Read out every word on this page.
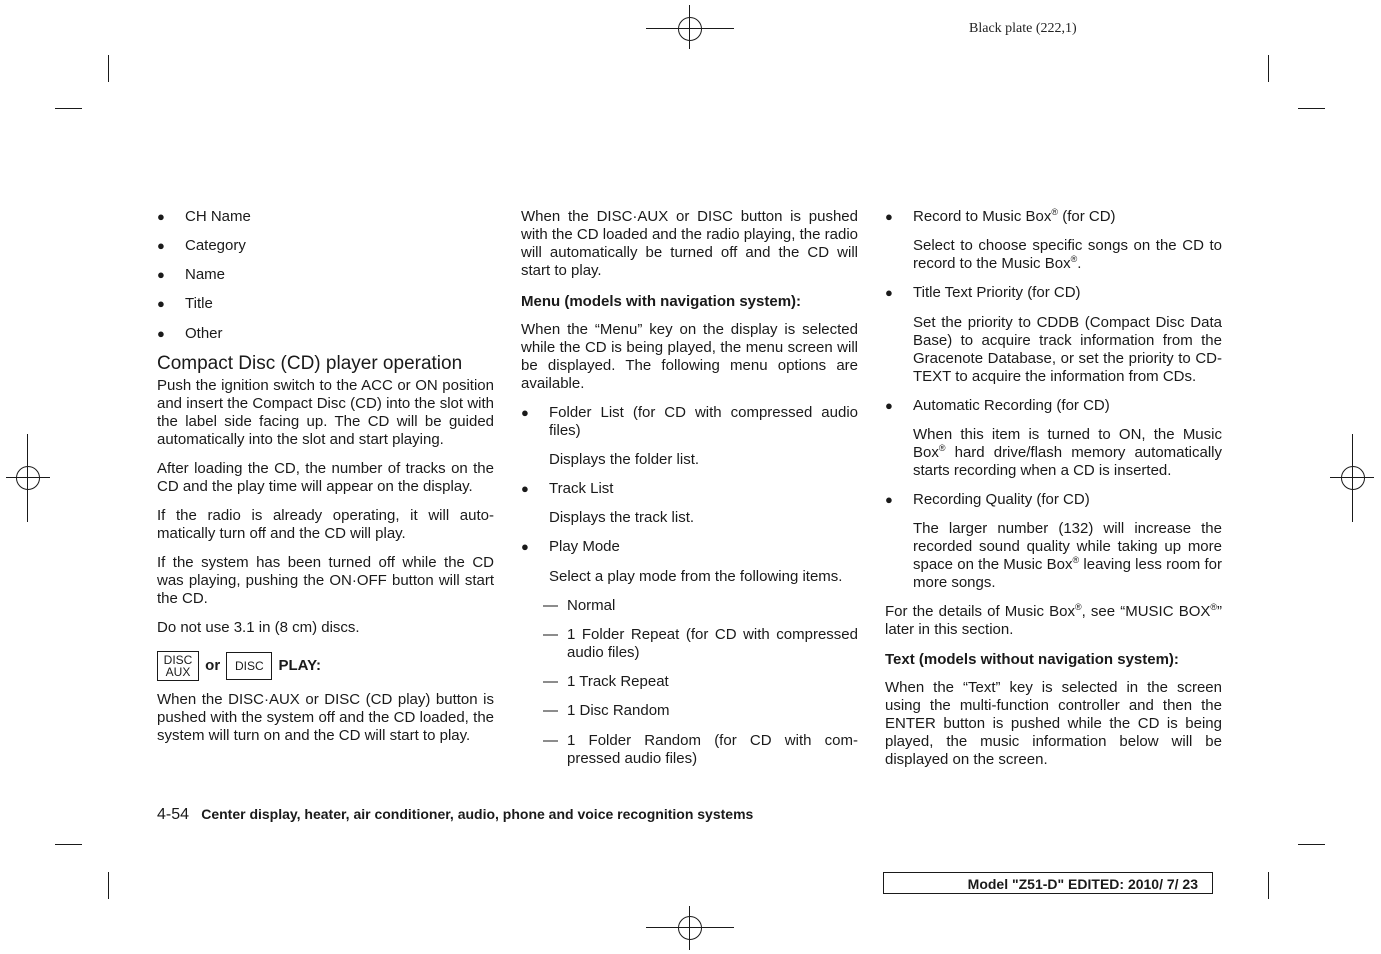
Black plate (222,1)
● CH Name
● Category
● Name
● Title
● Other
Compact Disc (CD) player operation

Push the ignition switch to the ACC or ON position and insert the Compact Disc (CD) into the slot with the label side facing up. The CD will be guided automatically into the slot and start playing.

After loading the CD, the number of tracks on the CD and the play time will appear on the display.

If the radio is already operating, it will auto- matically turn off and the CD will play.

If the system has been turned off while the CD was playing, pushing the ON·OFF button will start the CD.

Do not use 3.1 in (8 cm) discs.

DISC
AUX or DISC PLAY:

When the DISC·AUX or DISC (CD play) button is pushed with the system off and the CD loaded, the system will turn on and the CD will start to play.

When the DISC·AUX or DISC button is pushed with the CD loaded and the radio playing, the radio will automatically be turned off and the CD will start to play.

Menu (models with navigation system):

When the “Menu” key on the display is selected while the CD is being played, the menu screen will be displayed. The following menu options are available.

● Folder List (for CD with compressed audio files)

Displays the folder list.

● Track List

Displays the track list.

● Play Mode

Select a play mode from the following items.

— Normal
— 1 Folder Repeat (for CD with compressed audio files)
— 1 Track Repeat
— 1 Disc Random
— 1 Folder Random (for CD with com- pressed audio files)
● Record to Music Box® (for CD)

Select to choose specific songs on the CD to record to the Music Box®.

● Title Text Priority (for CD)

Set the priority to CDDB (Compact Disc Data Base) to acquire track information from the Gracenote Database, or set the priority to CD-TEXT to acquire the information from CDs.

● Automatic Recording (for CD)

When this item is turned to ON, the Music Box® hard drive/flash memory automatically starts recording when a CD is inserted.

● Recording Quality (for CD)

The larger number (132) will increase the recorded sound quality while taking up more space on the Music Box® leaving less room for more songs.

For the details of Music Box®, see “MUSIC BOX®” later in this section.

Text (models without navigation system):

When the “Text” key is selected in the screen using the multi-function controller and then the ENTER button is pushed while the CD is being played, the music information below will be displayed on the screen.

4-54 Center display, heater, air conditioner, audio, phone and voice recognition systems
Model "Z51-D" EDITED: 2010/ 7/ 23
